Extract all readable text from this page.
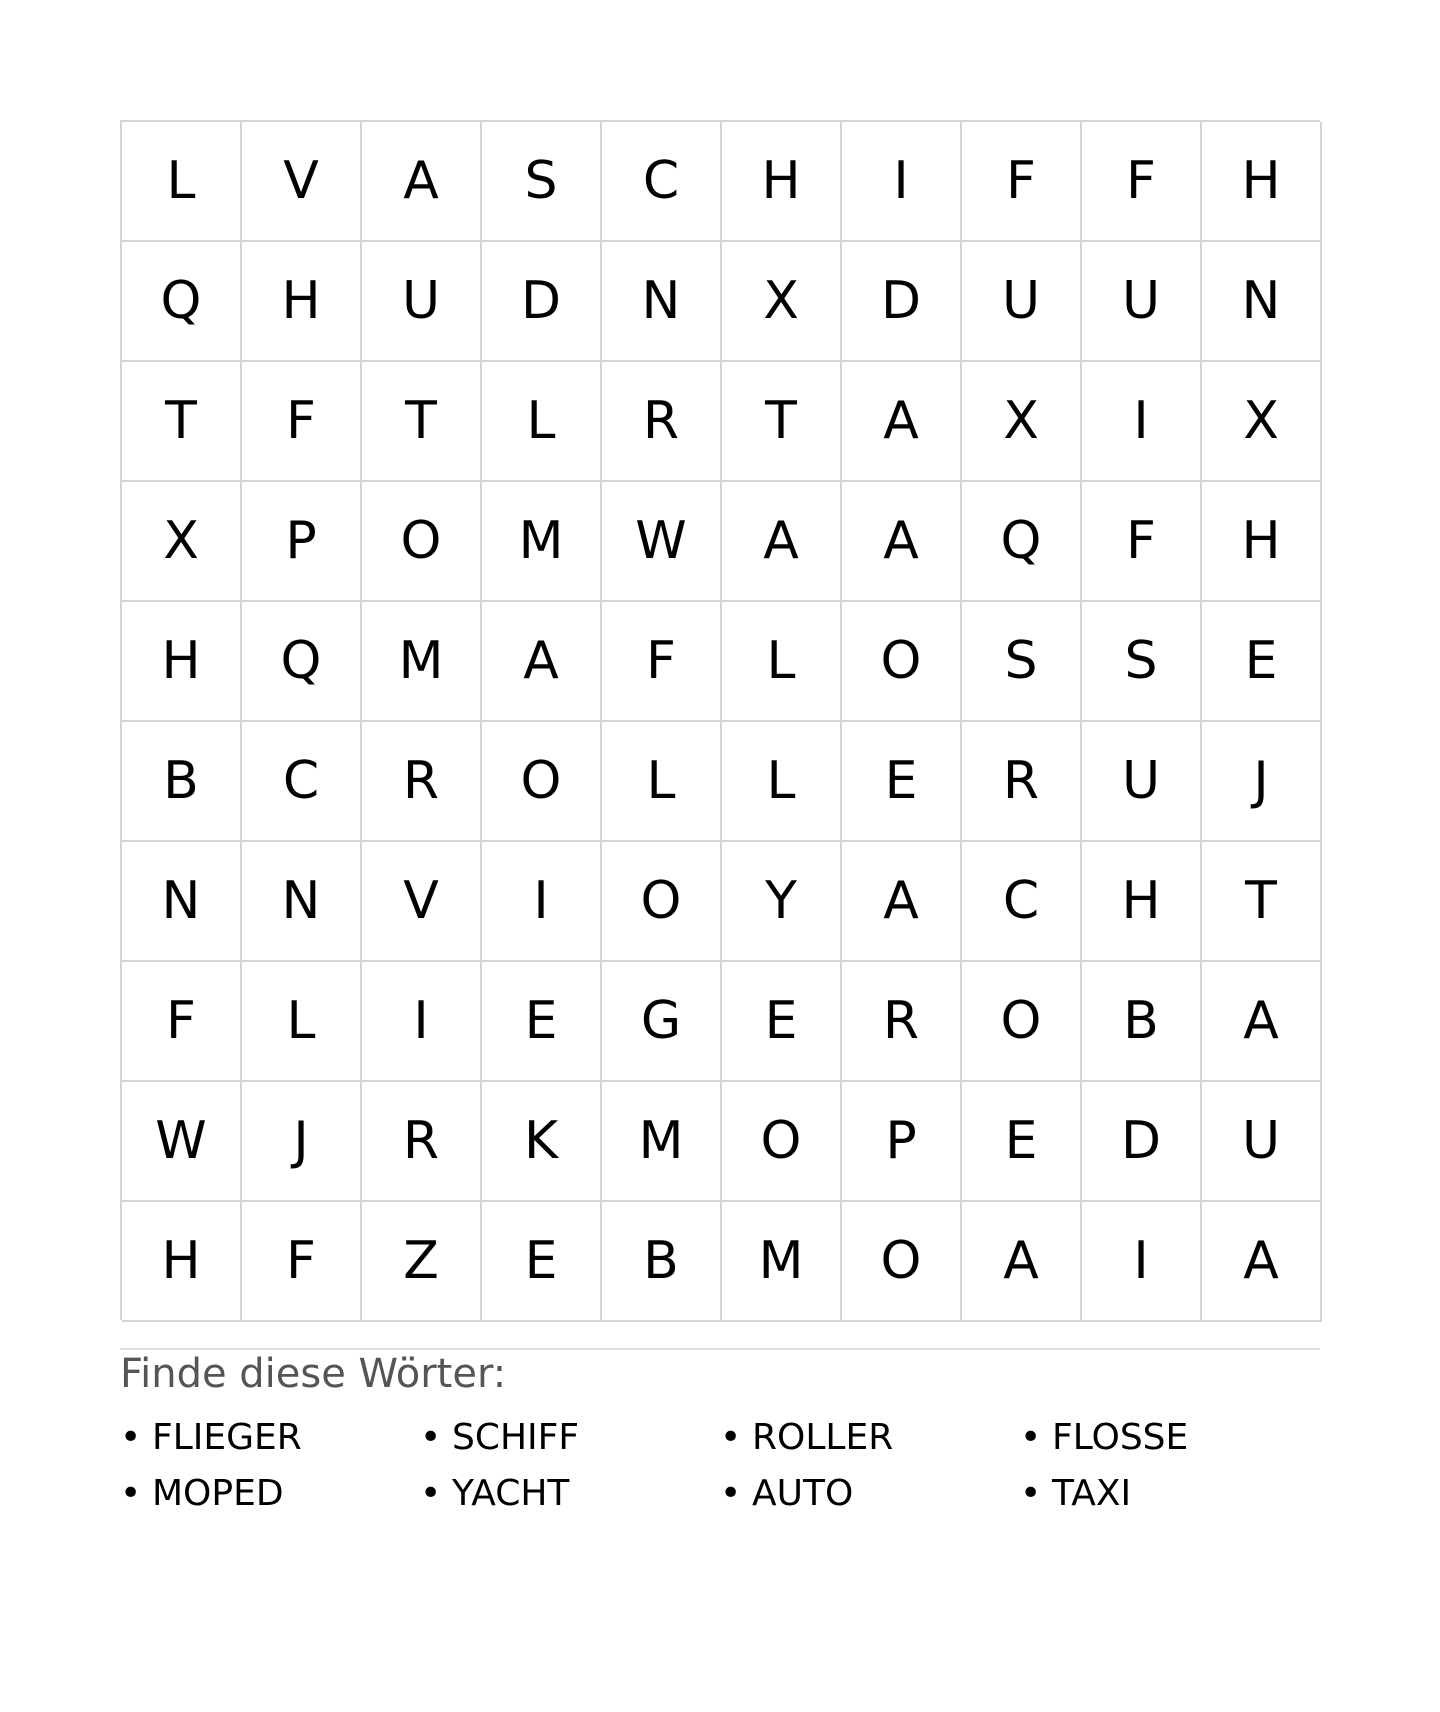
L	V	A	S	C	H	I	F	F	H
Q	H	U	D	N	X	D	U	U	N
T	F	T	L	R	T	A	X	I	X
X	P	O	M	W	A	A	Q	F	H
H	Q	M	A	F	L	O	S	S	E
B	C	R	O	L	L	E	R	U	J
N	N	V	I	O	Y	A	C	H	T
F	L	I	E	G	E	R	O	B	A
W	J	R	K	M	O	P	E	D	U
H	F	Z	E	B	M	O	A	I	A
Finde diese Wörter:
• FLIEGER	• SCHIFF	• ROLLER	• FLOSSE
• MOPED	• YACHT	• AUTO	• TAXI
